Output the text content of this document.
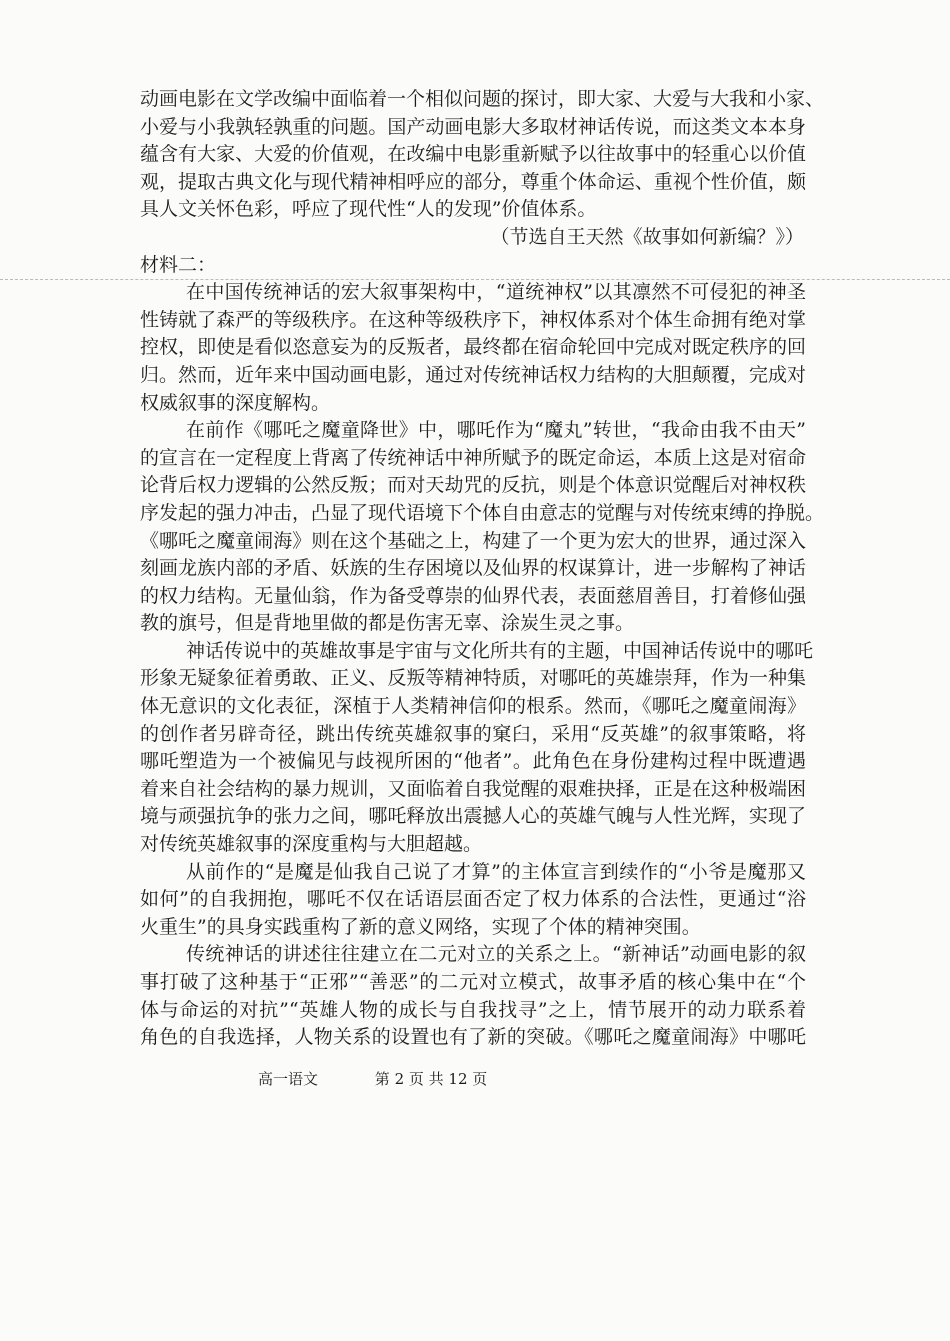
动画电影在文学改编中面临着一个相似问题的探讨，即大家、大爱与大我和小家、
小爱与小我孰轻孰重的问题。国产动画电影大多取材神话传说，而这类文本本身
蕴含有大家、大爱的价值观，在改编中电影重新赋予以往故事中的轻重心以价值
观，提取古典文化与现代精神相呼应的部分，尊重个体命运、重视个性价值，颇
具人文关怀色彩，呼应了现代性“人的发现”价值体系。
（节选自王天然《故事如何新编？》）
材料二：
在中国传统神话的宏大叙事架构中，“道统神权”以其凛然不可侵犯的神圣
性铸就了森严的等级秩序。在这种等级秩序下，神权体系对个体生命拥有绝对掌
控权，即使是看似恣意妄为的反叛者，最终都在宿命轮回中完成对既定秩序的回
归。然而，近年来中国动画电影，通过对传统神话权力结构的大胆颠覆，完成对
权威叙事的深度解构。
在前作《哪吒之魔童降世》中，哪吒作为“魔丸”转世，“我命由我不由天”
的宣言在一定程度上背离了传统神话中神所赋予的既定命运，本质上这是对宿命
论背后权力逻辑的公然反叛；而对天劫咒的反抗，则是个体意识觉醒后对神权秩
序发起的强力冲击，凸显了现代语境下个体自由意志的觉醒与对传统束缚的挣脱。
《哪吒之魔童闹海》则在这个基础之上，构建了一个更为宏大的世界，通过深入
刻画龙族内部的矛盾、妖族的生存困境以及仙界的权谋算计，进一步解构了神话
的权力结构。无量仙翁，作为备受尊崇的仙界代表，表面慈眉善目，打着修仙强
教的旗号，但是背地里做的都是伤害无辜、涂炭生灵之事。
神话传说中的英雄故事是宇宙与文化所共有的主题，中国神话传说中的哪吒
形象无疑象征着勇敢、正义、反叛等精神特质，对哪吒的英雄崇拜，作为一种集
体无意识的文化表征，深植于人类精神信仰的根系。然而，《哪吒之魔童闹海》
的创作者另辟奇径，跳出传统英雄叙事的窠臼，采用“反英雄”的叙事策略，将
哪吒塑造为一个被偏见与歧视所困的“他者”。此角色在身份建构过程中既遭遇
着来自社会结构的暴力规训，又面临着自我觉醒的艰难抉择，正是在这种极端困
境与顽强抗争的张力之间，哪吒释放出震撼人心的英雄气魄与人性光辉，实现了
对传统英雄叙事的深度重构与大胆超越。
从前作的“是魔是仙我自己说了才算”的主体宣言到续作的“小爷是魔那又
如何”的自我拥抱，哪吒不仅在话语层面否定了权力体系的合法性，更通过“浴
火重生”的具身实践重构了新的意义网络，实现了个体的精神突围。
传统神话的讲述往往建立在二元对立的关系之上。“新神话”动画电影的叙
事打破了这种基于“正邪”“善恶”的二元对立模式，故事矛盾的核心集中在“个
体与命运的对抗”“英雄人物的成长与自我找寻”之上，情节展开的动力联系着
角色的自我选择，人物关系的设置也有了新的突破。《哪吒之魔童闹海》中哪吒
高一语文	第 2 页 共 12 页
